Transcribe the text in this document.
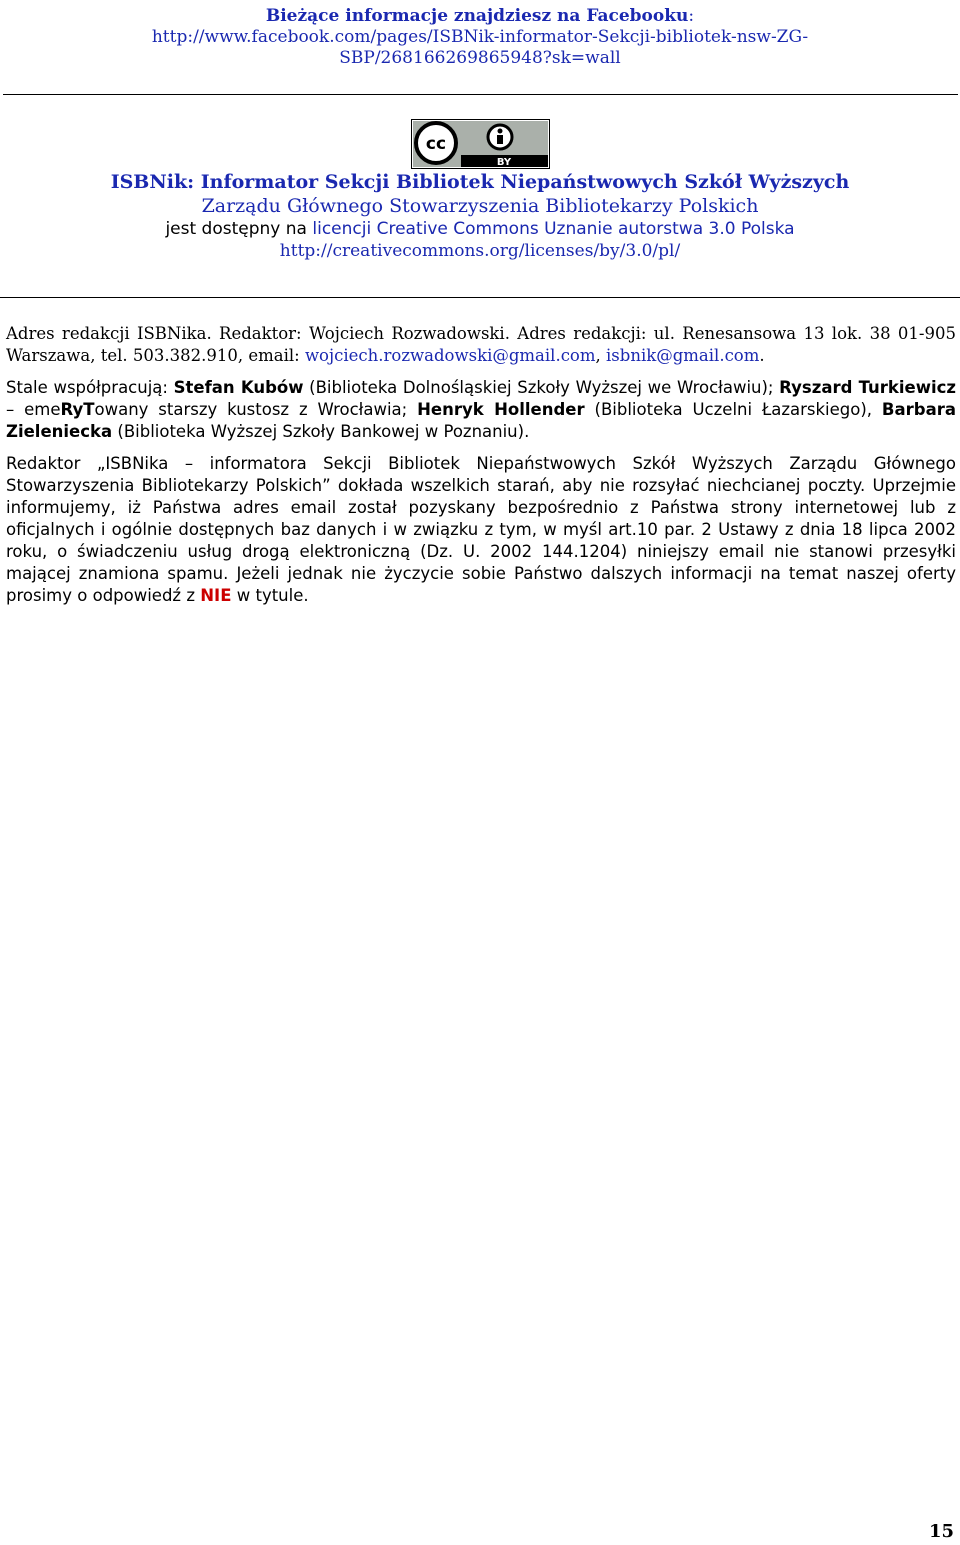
Bieżące informacje znajdziesz na Facebooku:
http://www.facebook.com/pages/ISBNik-informator-Sekcji-bibliotek-nsw-ZG-
SBP/268166269865948?sk=wall
cc
BY
ISBNik: Informator Sekcji Bibliotek Niepaństwowych Szkół Wyższych
Zarządu Głównego Stowarzyszenia Bibliotekarzy Polskich
jest dostępny na licencji Creative Commons Uznanie autorstwa 3.0 Polska
http://creativecommons.org/licenses/by/3.0/pl/

Adres redakcji ISBNika. Redaktor: Wojciech Rozwadowski. Adres redakcji: ul. Renesansowa 13 lok. 38 01-905 Warszawa, tel. 503.382.910, email: wojciech.rozwadowski@gmail.com, isbnik@gmail.com.

Stale współpracują: Stefan Kubów (Biblioteka Dolnośląskiej Szkoły Wyższej we Wrocławiu); Ryszard Turkiewicz – emeRyTowany starszy kustosz z Wrocławia; Henryk Hollender (Biblioteka Uczelni Łazarskiego), Barbara Zieleniecka (Biblioteka Wyższej Szkoły Bankowej w Poznaniu).

Redaktor „ISBNika – informatora Sekcji Bibliotek Niepaństwowych Szkół Wyższych Zarządu Głównego Stowarzyszenia Bibliotekarzy Polskich” dokłada wszelkich starań, aby nie rozsyłać niechcianej poczty. Uprzejmie informujemy, iż Państwa adres email został pozyskany bezpośrednio z Państwa strony internetowej lub z oficjalnych i ogólnie dostępnych baz danych i w związku z tym, w myśl art.10 par. 2 Ustawy z dnia 18 lipca 2002 roku, o świadczeniu usług drogą elektroniczną (Dz. U. 2002 144.1204) niniejszy email nie stanowi przesyłki mającej znamiona spamu. Jeżeli jednak nie życzycie sobie Państwo dalszych informacji na temat naszej oferty prosimy o odpowiedź z NIE w tytule.

15
